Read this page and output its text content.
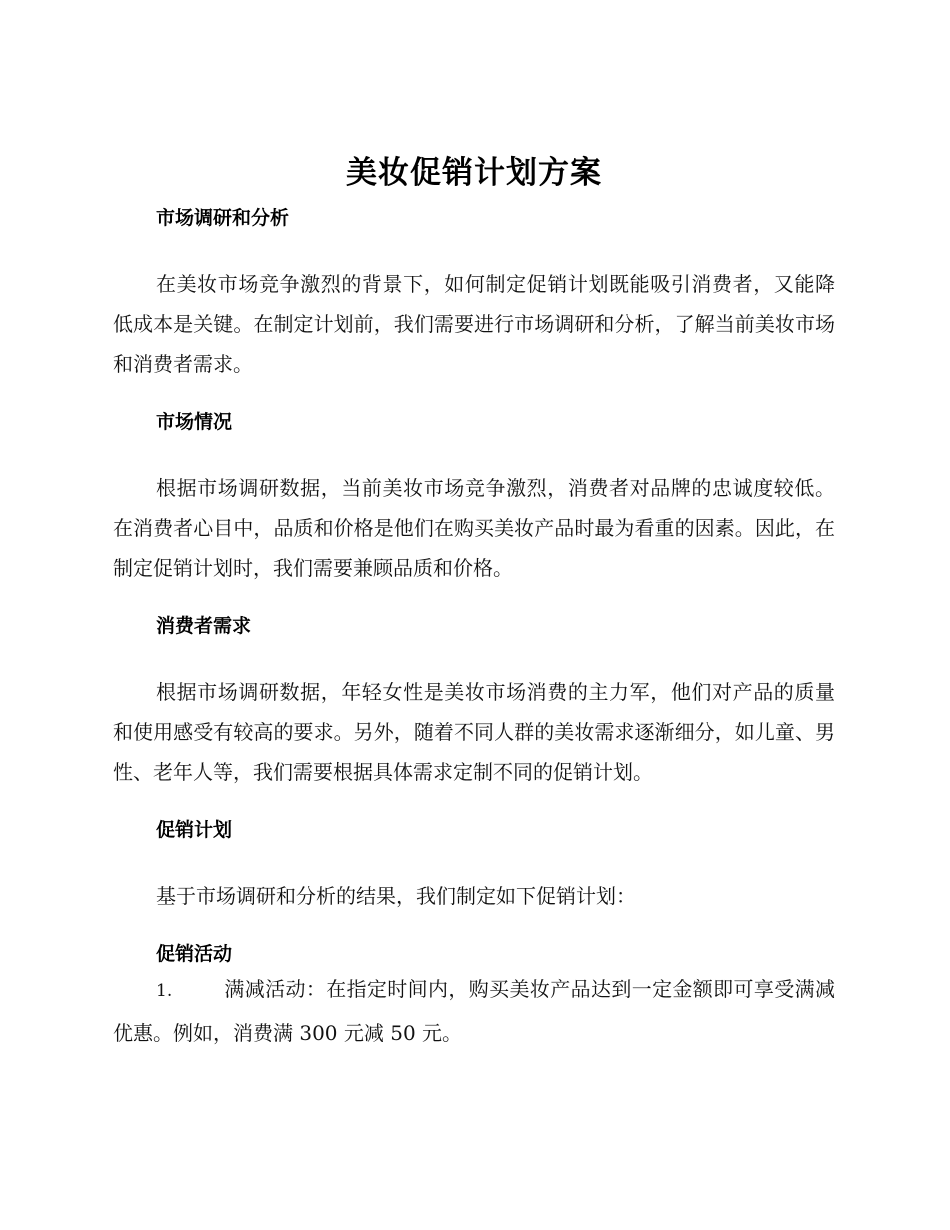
美妆促销计划方案
市场调研和分析

在美妆市场竞争激烈的背景下，如何制定促销计划既能吸引消费者，又能降低成本是关键。在制定计划前，我们需要进行市场调研和分析，了解当前美妆市场和消费者需求。

市场情况

根据市场调研数据，当前美妆市场竞争激烈，消费者对品牌的忠诚度较低。在消费者心目中，品质和价格是他们在购买美妆产品时最为看重的因素。因此，在制定促销计划时，我们需要兼顾品质和价格。

消费者需求

根据市场调研数据，年轻女性是美妆市场消费的主力军，他们对产品的质量和使用感受有较高的要求。另外，随着不同人群的美妆需求逐渐细分，如儿童、男性、老年人等，我们需要根据具体需求定制不同的促销计划。

促销计划

基于市场调研和分析的结果，我们制定如下促销计划：

促销活动

1.	满减活动：在指定时间内，购买美妆产品达到一定金额即可享受满减优惠。例如，消费满 300 元减 50 元。
